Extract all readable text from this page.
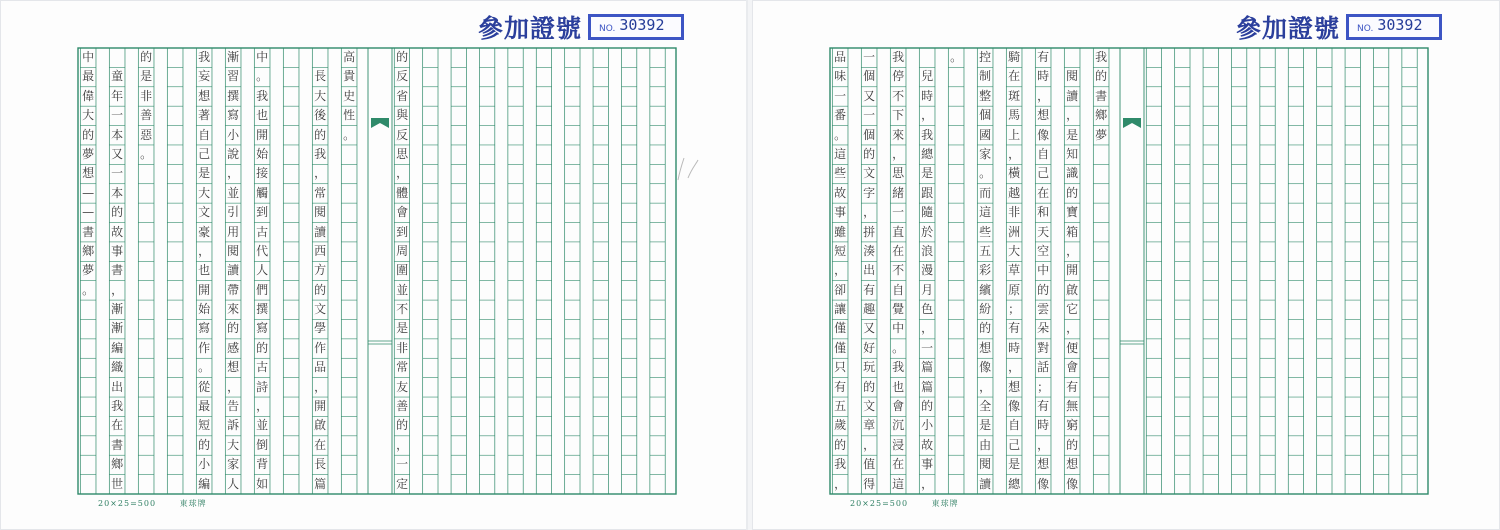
參加證號 NO. 30392
中
最
偉
大
的
夢
想
—
—
書
鄉
夢
。

童
年
一
本
又
一
本
的
故
事
書
，
漸
漸
編
織
出
我
在
書
鄉
世
的
是
非
善
惡
。
我
妄
想
著
自
己
是
大
文
豪
，
也
開
始
寫
作
。
從
最
短
的
小
編
漸
習
撰
寫
小
說
，
並
引
用
閱
讀
帶
來
的
感
想
，
告
訴
大
家
人
中
。
我
也
開
始
接
觸
到
古
代
人
們
撰
寫
的
古
詩
，
並
倒
背
如

長
大
後
的
我
，
常
閱
讀
西
方
的
文
學
作
品
，
開
啟
在
長
篇
高
貴
史
性
。
的
反
省
與
反
思
，
體
會
到
周
圍
並
不
是
非
常
友
善
的
，
一
定
20×25=500	東球牌
參加證號 NO. 30392
品
味
一
番
。
這
些
故
事
雖
短
，
卻
讓
僅
僅
只
有
五
歲
的
我
，
一
個
又
一
個
的
文
字
，
拼
湊
出
有
趣
又
好
玩
的
文
章
，
值
得
我
停
不
下
來
，
思
緒
一
直
在
不
自
覺
中
。
我
也
會
沉
浸
在
這

兒
時
，
我
總
是
跟
隨
於
浪
漫
月
色
，
一
篇
篇
的
小
故
事
，
。	控
制
整
個
國
家
。
而
這
些
五
彩
繽
紛
的
想
像
，
全
是
由
閱
讀
騎
在
斑
馬
上
，
橫
越
非
洲
大
草
原
；
有
時
，
想
像
自
己
是
總
有
時
，
想
像
自
己
在
和
天
空
中
的
雲
朵
對
話
；
有
時
，
想
像

閱
讀
，
是
知
識
的
寶
箱
，
開
啟
它
，
便
會
有
無
窮
的
想
像
我
的
書
鄉
夢
20×25=500	東球牌
